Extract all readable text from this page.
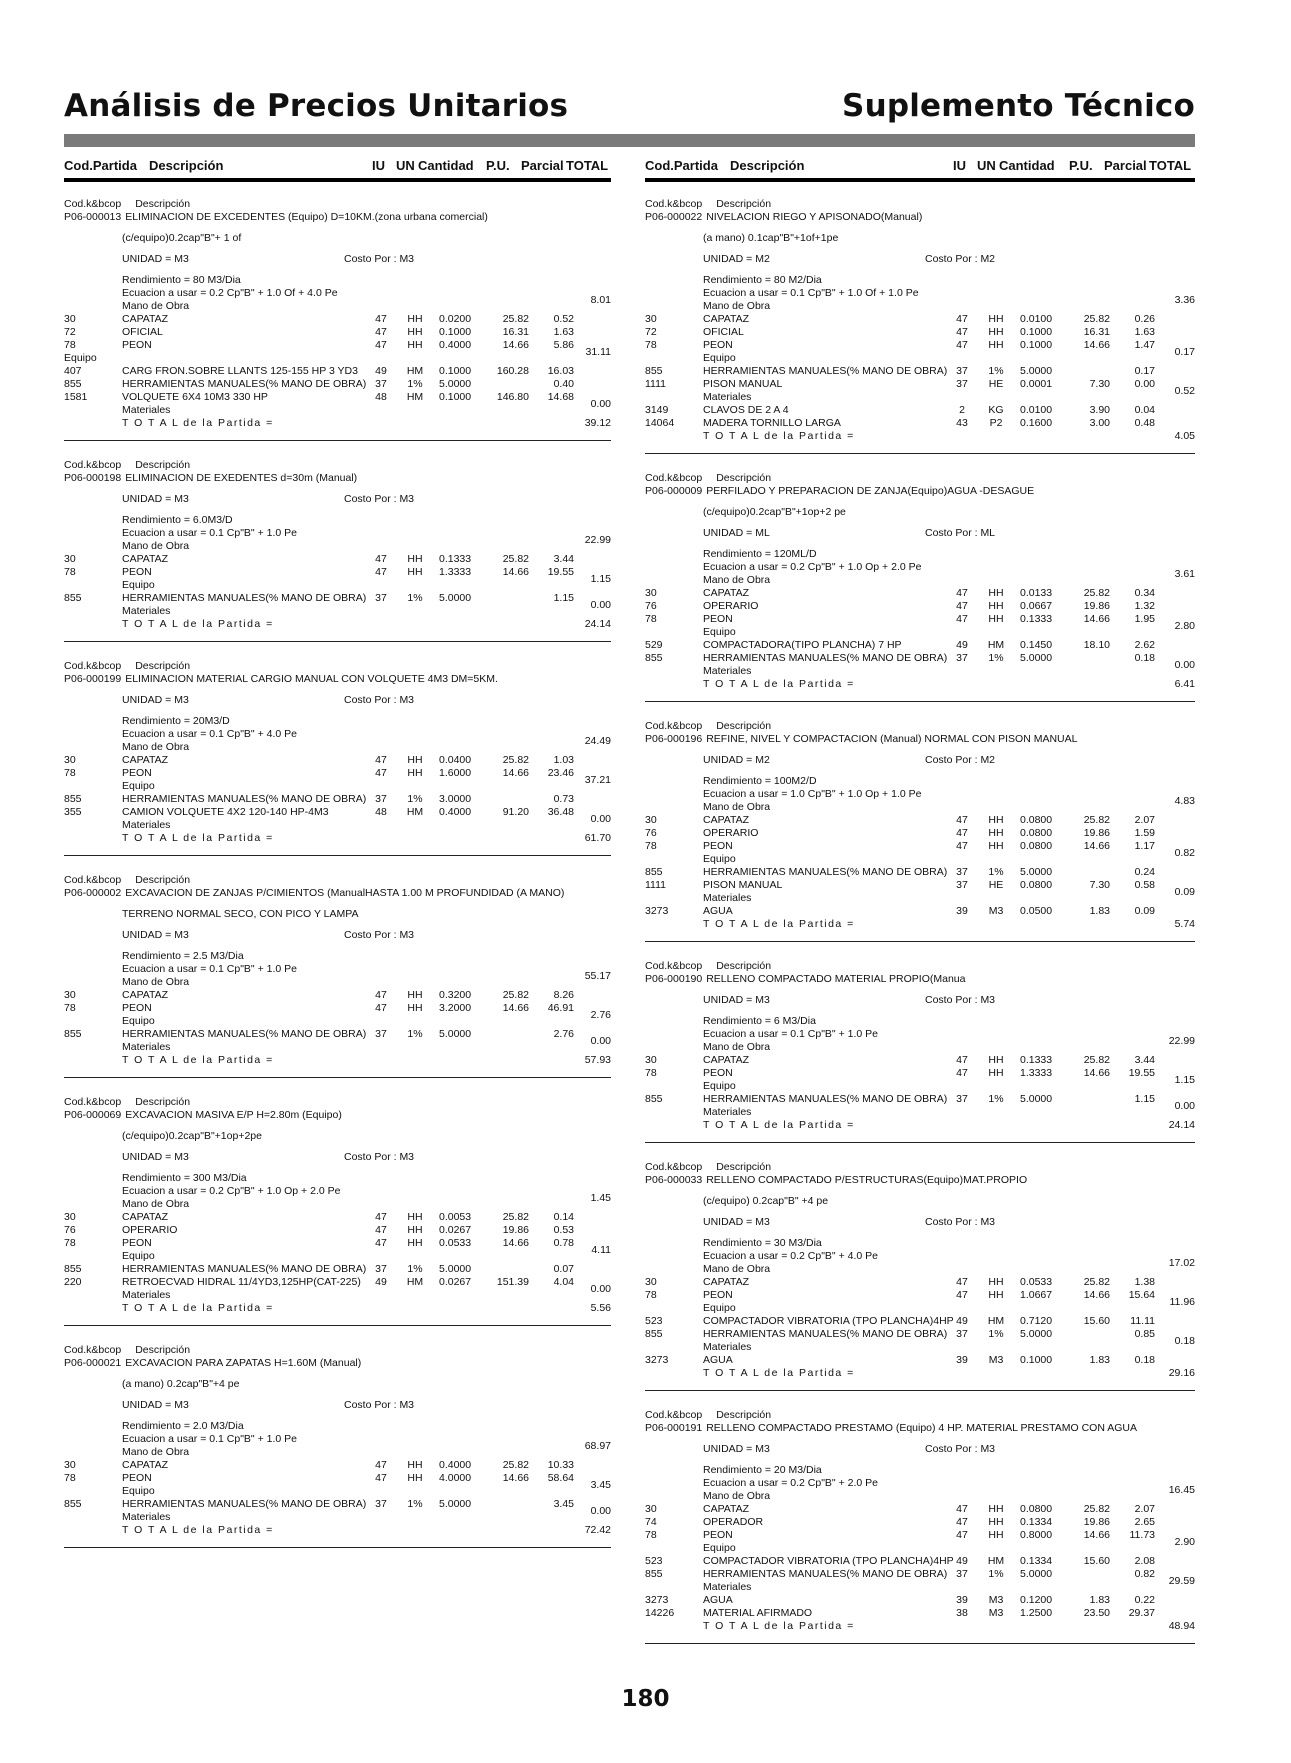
Análisis de Precios Unitarios	Suplemento Técnico
Cod.Partida Descripción	IU UN Cantidad P.U. Parcial TOTAL	Cod.Partida Descripción	IU UN Cantidad P.U. Parcial TOTAL
Cod.k&bcop Descripción
P06-000013 ELIMINACION DE EXCEDENTES (Equipo) D=10KM.(zona urbana comercial)
(c/equipo)0.2cap"B"+ 1 of
UNIDAD = M3	Costo Por : M3
Rendimiento = 80 M3/Dia
Ecuacion a usar = 0.2 Cp"B" + 1.0 Of + 4.0 Pe
Mano de Obra	8.01
30	CAPATAZ	47	HH	0.0200	25.82	0.52
72	OFICIAL	47	HH	0.1000	16.31	1.63
78	PEON	47	HH	0.4000	14.66	5.86
Equipo	31.11
407	CARG FRON.SOBRE LLANTS 125-155 HP 3 YD3	49	HM	0.1000	160.28	16.03
855	HERRAMIENTAS MANUALES(% MANO DE OBRA) 37	1%	5.0000	0.40
1581	VOLQUETE 6X4 10M3 330 HP	48	HM	0.1000	146.80	14.68
Materiales	0.00
T O T A L de la Partida =	39.12
Cod.k&bcop Descripción
P06-000198 ELIMINACION DE EXEDENTES d=30m (Manual)
UNIDAD = M3	Costo Por : M3
Rendimiento = 6.0M3/D
Ecuacion a usar = 0.1 Cp"B" + 1.0 Pe
Mano de Obra	22.99
30	CAPATAZ	47	HH	0.1333	25.82	3.44
78	PEON	47	HH	1.3333	14.66	19.55
Equipo	1.15
855	HERRAMIENTAS MANUALES(% MANO DE OBRA) 37	1%	5.0000	1.15
Materiales	0.00
T O T A L de la Partida =	24.14
Cod.k&bcop Descripción
P06-000199 ELIMINACION MATERIAL CARGIO MANUAL CON VOLQUETE 4M3 DM=5KM.
UNIDAD = M3	Costo Por : M3
Rendimiento = 20M3/D
Ecuacion a usar = 0.1 Cp"B" + 4.0 Pe
Mano de Obra	24.49
30	CAPATAZ	47	HH	0.0400	25.82	1.03
78	PEON	47	HH	1.6000	14.66	23.46
Equipo	37.21
855	HERRAMIENTAS MANUALES(% MANO DE OBRA) 37	1%	3.0000	0.73
355	CAMION VOLQUETE 4X2 120-140 HP-4M3	48	HM	0.4000	91.20	36.48
Materiales	0.00
T O T A L de la Partida =	61.70
Cod.k&bcop Descripción
P06-000002 EXCAVACION DE ZANJAS P/CIMIENTOS (ManualHASTA 1.00 M PROFUNDIDAD (A MANO)
TERRENO NORMAL SECO, CON PICO Y LAMPA
UNIDAD = M3	Costo Por : M3
Rendimiento = 2.5 M3/Dia
Ecuacion a usar = 0.1 Cp"B" + 1.0 Pe
Mano de Obra	55.17
30	CAPATAZ	47	HH	0.3200	25.82	8.26
78	PEON	47	HH	3.2000	14.66	46.91
Equipo	2.76
855	HERRAMIENTAS MANUALES(% MANO DE OBRA) 37	1%	5.0000	2.76
Materiales	0.00
T O T A L de la Partida =	57.93
Cod.k&bcop Descripción
P06-000069 EXCAVACION MASIVA E/P H=2.80m (Equipo)
(c/equipo)0.2cap"B"+1op+2pe
UNIDAD = M3	Costo Por : M3
Rendimiento = 300 M3/Dia
Ecuacion a usar = 0.2 Cp"B" + 1.0 Op + 2.0 Pe
Mano de Obra	1.45
30	CAPATAZ	47	HH	0.0053	25.82	0.14
76	OPERARIO	47	HH	0.0267	19.86	0.53
78	PEON	47	HH	0.0533	14.66	0.78
Equipo	4.11
855	HERRAMIENTAS MANUALES(% MANO DE OBRA) 37	1%	5.0000	0.07
220	RETROECVAD HIDRAL 11/4YD3,125HP(CAT-225)	49	HM	0.0267	151.39	4.04
Materiales	0.00
T O T A L de la Partida =	5.56
Cod.k&bcop Descripción
P06-000021 EXCAVACION PARA ZAPATAS H=1.60M (Manual)
(a mano) 0.2cap"B"+4 pe
UNIDAD = M3	Costo Por : M3
Rendimiento = 2.0 M3/Dia
Ecuacion a usar = 0.1 Cp"B" + 1.0 Pe
Mano de Obra	68.97
30	CAPATAZ	47	HH	0.4000	25.82	10.33
78	PEON	47	HH	4.0000	14.66	58.64
Equipo	3.45
855	HERRAMIENTAS MANUALES(% MANO DE OBRA) 37	1%	5.0000	3.45
Materiales	0.00
T O T A L de la Partida =	72.42
Cod.k&bcop Descripción
P06-000022 NIVELACION RIEGO Y APISONADO(Manual)
(a mano) 0.1cap"B"+1of+1pe
UNIDAD = M2	Costo Por : M2
Rendimiento = 80 M2/Dia
Ecuacion a usar = 0.1 Cp"B" + 1.0 Of + 1.0 Pe
Mano de Obra	3.36
30	CAPATAZ	47	HH	0.0100	25.82	0.26
72	OFICIAL	47	HH	0.1000	16.31	1.63
78	PEON	47	HH	0.1000	14.66	1.47
Equipo	0.17
855	HERRAMIENTAS MANUALES(% MANO DE OBRA) 37	1%	5.0000	0.17
1111	PISON MANUAL	37	HE	0.0001	7.30	0.00
Materiales	0.52
3149	CLAVOS DE 2 A 4	2	KG	0.0100	3.90	0.04
14064	MADERA TORNILLO LARGA	43	P2	0.1600	3.00	0.48
T O T A L de la Partida =	4.05
Cod.k&bcop Descripción
P06-000009 PERFILADO Y PREPARACION DE ZANJA(Equipo)AGUA -DESAGUE
(c/equipo)0.2cap"B"+1op+2 pe
UNIDAD = ML	Costo Por : ML
Rendimiento = 120ML/D
Ecuacion a usar = 0.2 Cp"B" + 1.0 Op + 2.0 Pe
Mano de Obra	3.61
30	CAPATAZ	47	HH	0.0133	25.82	0.34
76	OPERARIO	47	HH	0.0667	19.86	1.32
78	PEON	47	HH	0.1333	14.66	1.95
Equipo	2.80
529	COMPACTADORA(TIPO PLANCHA) 7 HP	49	HM	0.1450	18.10	2.62
855	HERRAMIENTAS MANUALES(% MANO DE OBRA) 37	1%	5.0000	0.18
Materiales	0.00
T O T A L de la Partida =	6.41
Cod.k&bcop Descripción
P06-000196 REFINE, NIVEL Y COMPACTACION (Manual) NORMAL CON PISON MANUAL
UNIDAD = M2	Costo Por : M2
Rendimiento = 100M2/D
Ecuacion a usar = 1.0 Cp"B" + 1.0 Op + 1.0 Pe
Mano de Obra	4.83
30	CAPATAZ	47	HH	0.0800	25.82	2.07
76	OPERARIO	47	HH	0.0800	19.86	1.59
78	PEON	47	HH	0.0800	14.66	1.17
Equipo	0.82
855	HERRAMIENTAS MANUALES(% MANO DE OBRA) 37	1%	5.0000	0.24
1111	PISON MANUAL	37	HE	0.0800	7.30	0.58
Materiales	0.09
3273	AGUA	39	M3	0.0500	1.83	0.09
T O T A L de la Partida =	5.74
Cod.k&bcop Descripción
P06-000190 RELLENO COMPACTADO MATERIAL PROPIO(Manua
UNIDAD = M3	Costo Por : M3
Rendimiento = 6 M3/Dia
Ecuacion a usar = 0.1 Cp"B" + 1.0 Pe
Mano de Obra	22.99
30	CAPATAZ	47	HH	0.1333	25.82	3.44
78	PEON	47	HH	1.3333	14.66	19.55
Equipo	1.15
855	HERRAMIENTAS MANUALES(% MANO DE OBRA) 37	1%	5.0000	1.15
Materiales	0.00
T O T A L de la Partida =	24.14
Cod.k&bcop Descripción
P06-000033 RELLENO COMPACTADO P/ESTRUCTURAS(Equipo)MAT.PROPIO
(c/equipo) 0.2cap"B" +4 pe
UNIDAD = M3	Costo Por : M3
Rendimiento = 30 M3/Dia
Ecuacion a usar = 0.2 Cp"B" + 4.0 Pe
Mano de Obra	17.02
30	CAPATAZ	47	HH	0.0533	25.82	1.38
78	PEON	47	HH	1.0667	14.66	15.64
Equipo	11.96
523	COMPACTADOR VIBRATORIA (TPO PLANCHA)4HP 49	HM	0.7120	15.60	11.11
855	HERRAMIENTAS MANUALES(% MANO DE OBRA) 37	1%	5.0000	0.85
Materiales	0.18
3273	AGUA	39	M3	0.1000	1.83	0.18
T O T A L de la Partida =	29.16
Cod.k&bcop Descripción
P06-000191 RELLENO COMPACTADO PRESTAMO (Equipo) 4 HP. MATERIAL PRESTAMO CON AGUA
UNIDAD = M3	Costo Por : M3
Rendimiento = 20 M3/Dia
Ecuacion a usar = 0.2 Cp"B" + 2.0 Pe
Mano de Obra	16.45
30	CAPATAZ	47	HH	0.0800	25.82	2.07
74	OPERADOR	47	HH	0.1334	19.86	2.65
78	PEON	47	HH	0.8000	14.66	11.73
Equipo	2.90
523	COMPACTADOR VIBRATORIA (TPO PLANCHA)4HP 49	HM	0.1334	15.60	2.08
855	HERRAMIENTAS MANUALES(% MANO DE OBRA) 37	1%	5.0000	0.82
Materiales	29.59
3273	AGUA	39	M3	0.1200	1.83	0.22
14226	MATERIAL AFIRMADO	38	M3	1.2500	23.50	29.37
T O T A L de la Partida =	48.94
180
